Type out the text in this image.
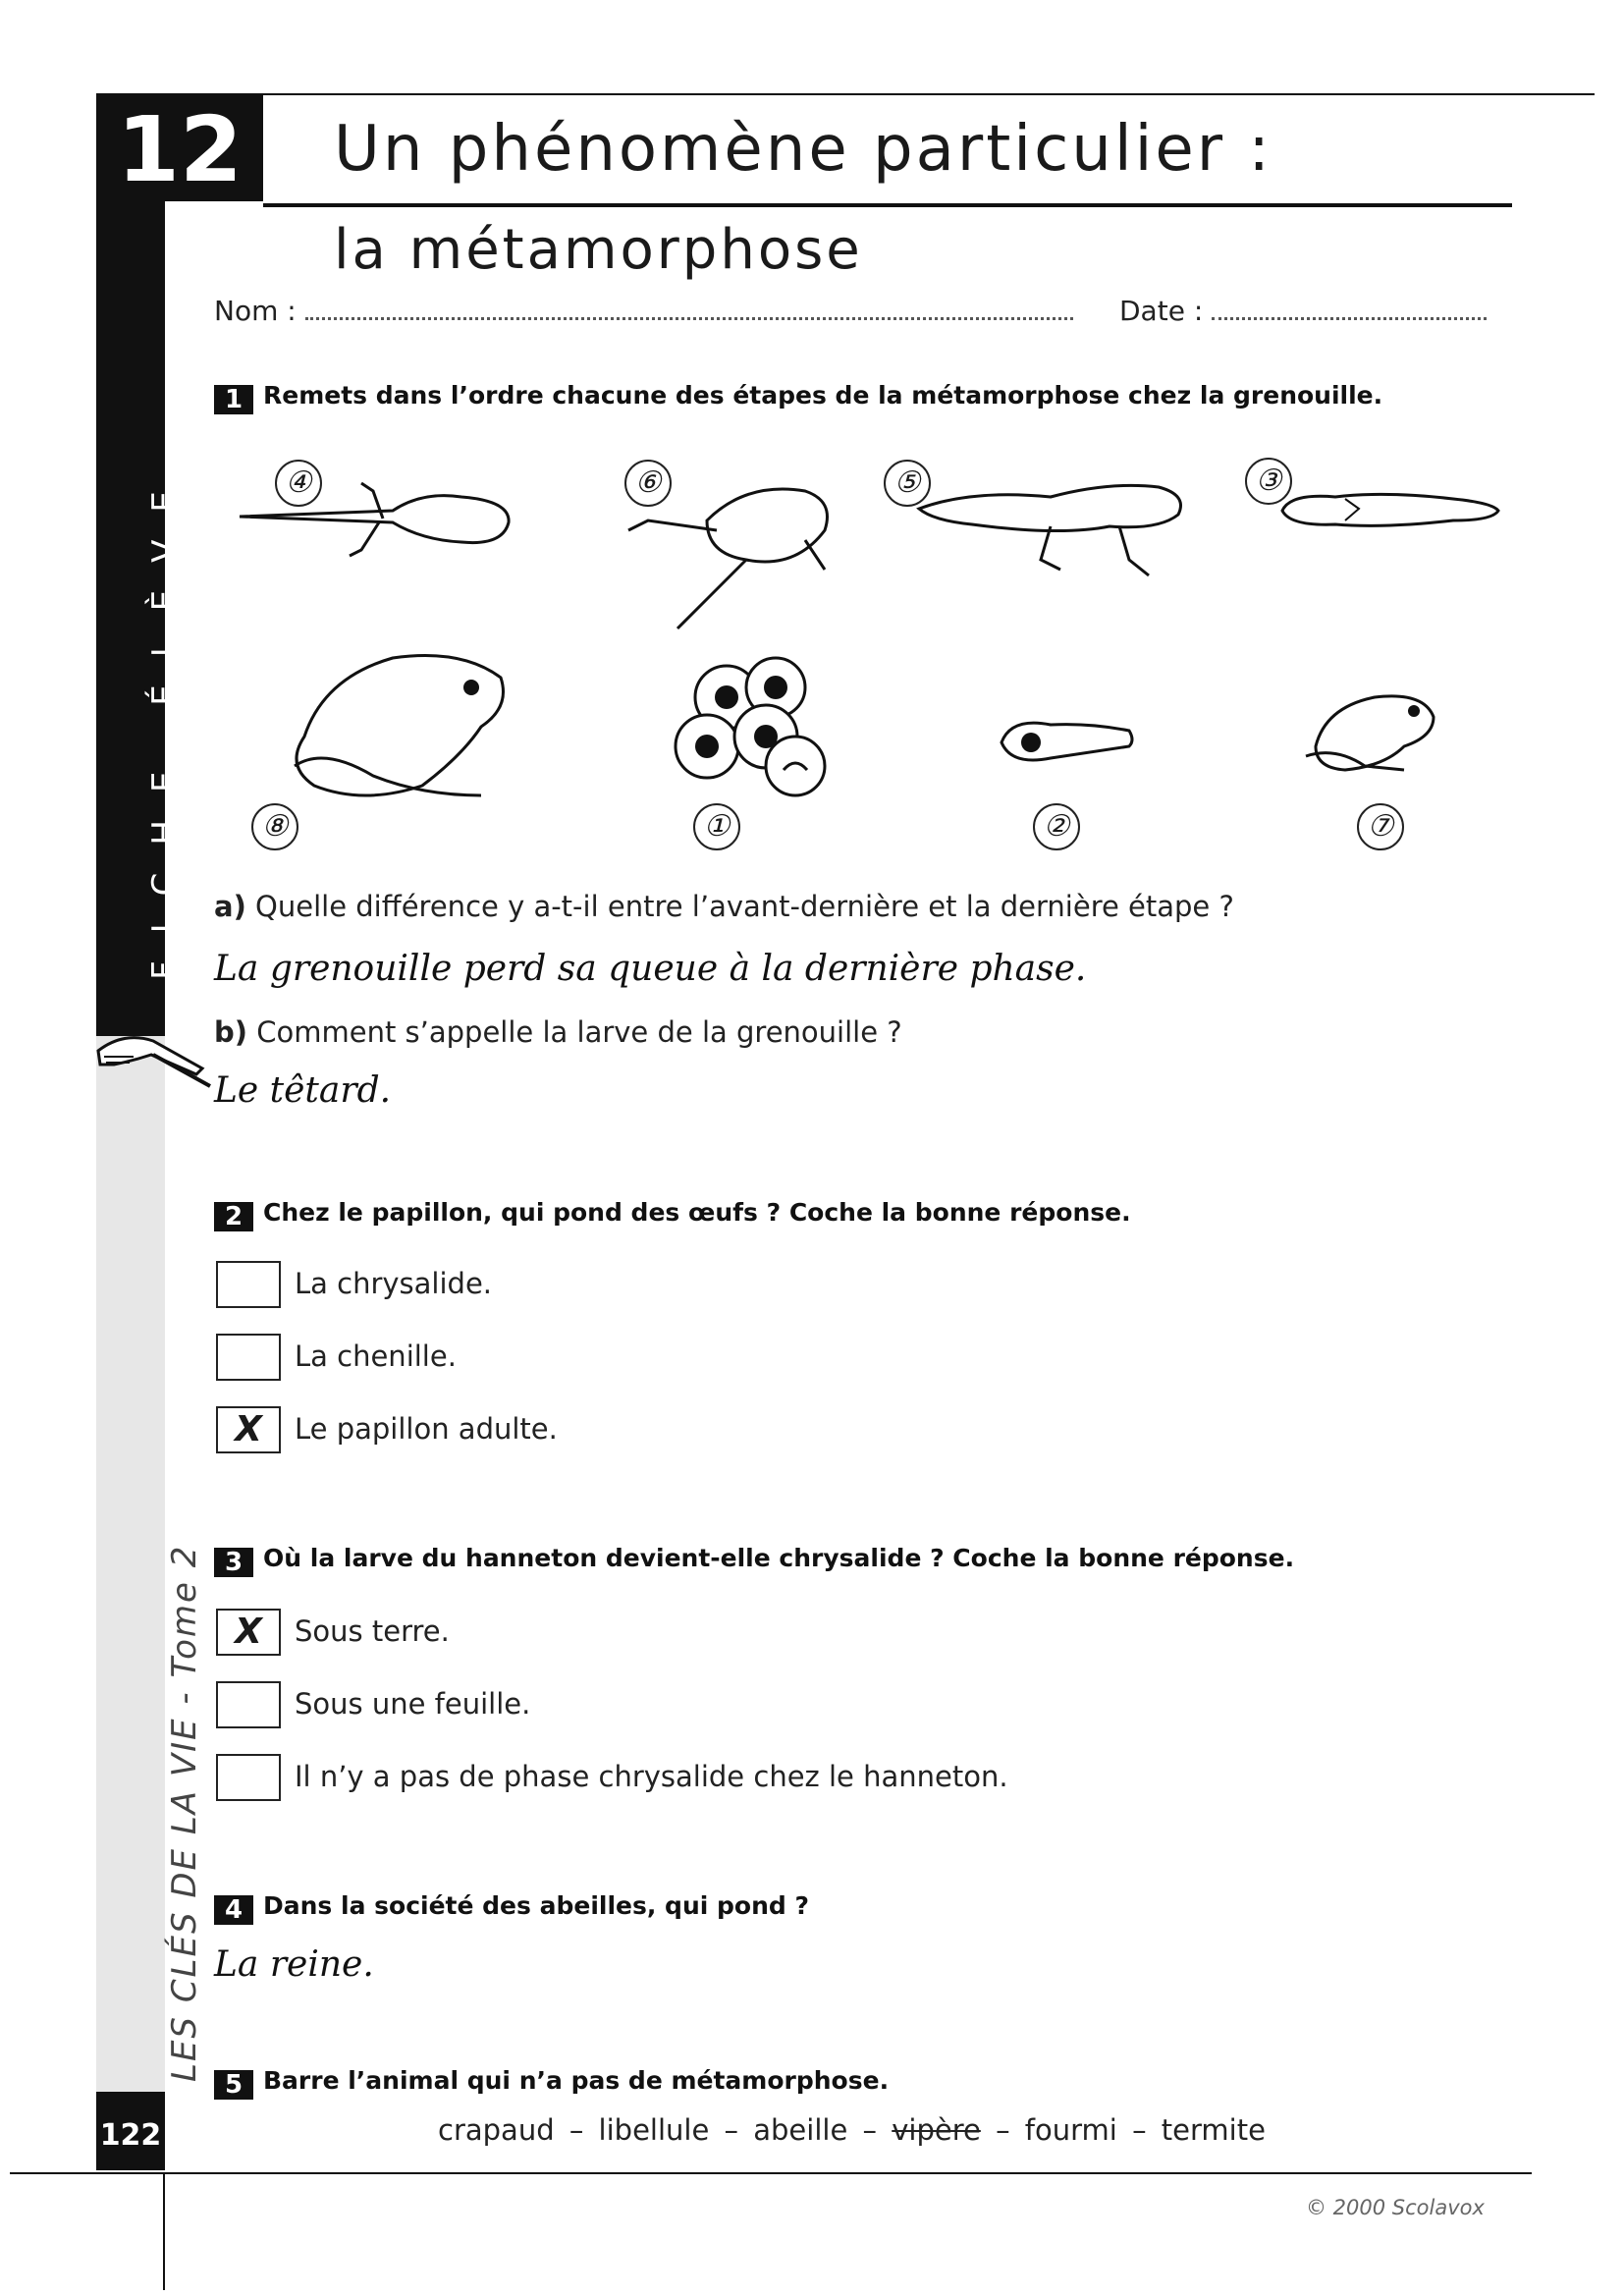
FICHE ÉLÈVE
LES CLÉS DE LA VIE - Tome 2
122
12	Un phénomène particulier :
la métamorphose
Nom :	Date :
1 Remets dans l’ordre chacune des étapes de la métamorphose chez la grenouille.
④	⑥	⑤	③
⑧	①	②	⑦
a) Quelle différence y a-t-il entre l’avant-dernière et la dernière étape ?
La grenouille perd sa queue à la dernière phase.
b) Comment s’appelle la larve de la grenouille ?
Le têtard.
2 Chez le papillon, qui pond des œufs ? Coche la bonne réponse.
La chrysalide.
La chenille.
X	Le papillon adulte.
3 Où la larve du hanneton devient-elle chrysalide ? Coche la bonne réponse.
X	Sous terre.
Sous une feuille.
Il n’y a pas de phase chrysalide chez le hanneton.
4 Dans la société des abeilles, qui pond ?
La reine.
5 Barre l’animal qui n’a pas de métamorphose.
crapaud – libellule – abeille – vipère – fourmi – termite
© 2000 Scolavox
